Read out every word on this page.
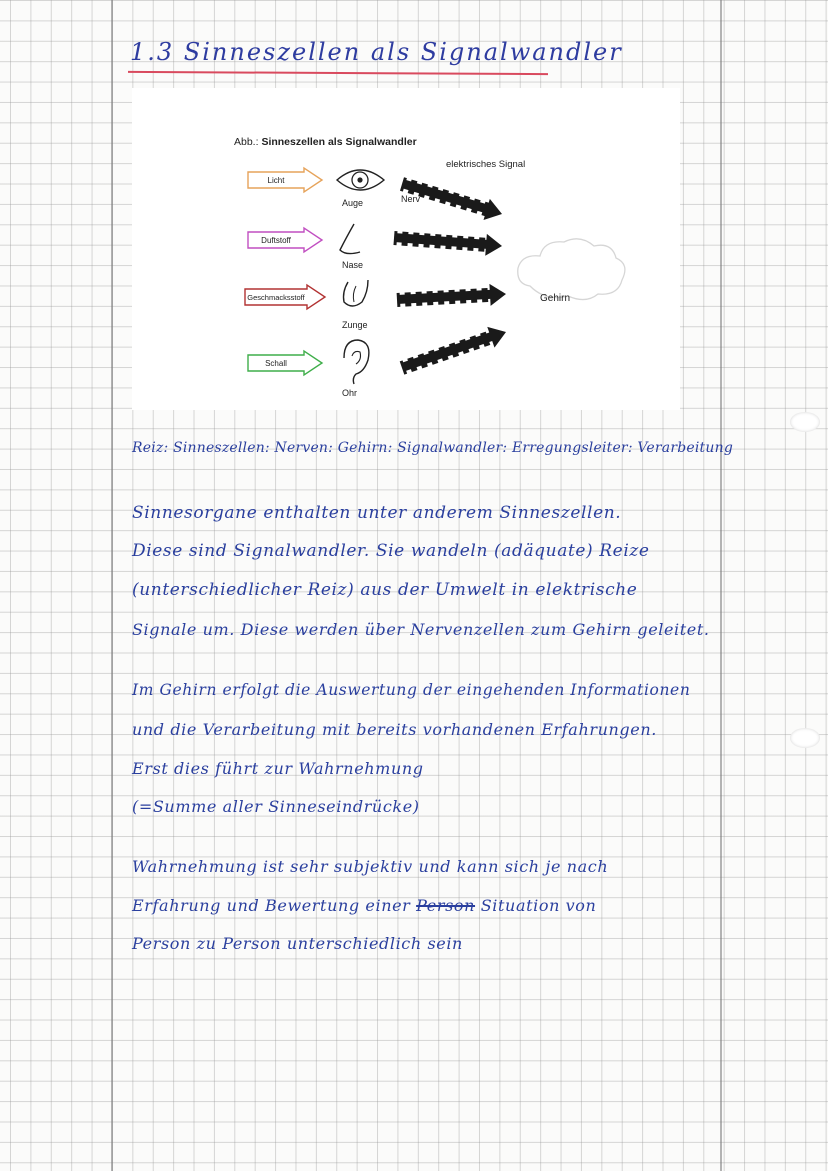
1.3 Sinneszellen als Signalwandler
Abb.: Sinneszellen als Signalwandler
elektrisches Signal
Nerv
Licht
Duftstoff
Geschmacksstoff
Schall
Auge
Nase
Zunge
Ohr
Gehirn
Reiz: Sinneszellen: Nerven: Gehirn: Signalwandler: Erregungsleiter: Verarbeitung
Sinnesorgane enthalten unter anderem Sinneszellen.
Diese sind Signalwandler. Sie wandeln (adäquate) Reize
(unterschiedlicher Reiz) aus der Umwelt in elektrische
Signale um. Diese werden über Nervenzellen zum Gehirn geleitet.
Im Gehirn erfolgt die Auswertung der eingehenden Informationen
und die Verarbeitung mit bereits vorhandenen Erfahrungen.
Erst dies führt zur Wahrnehmung
(=Summe aller Sinneseindrücke)
Wahrnehmung ist sehr subjektiv und kann sich je nach
Erfahrung und Bewertung einer Person Situation von
Person zu Person unterschiedlich sein
